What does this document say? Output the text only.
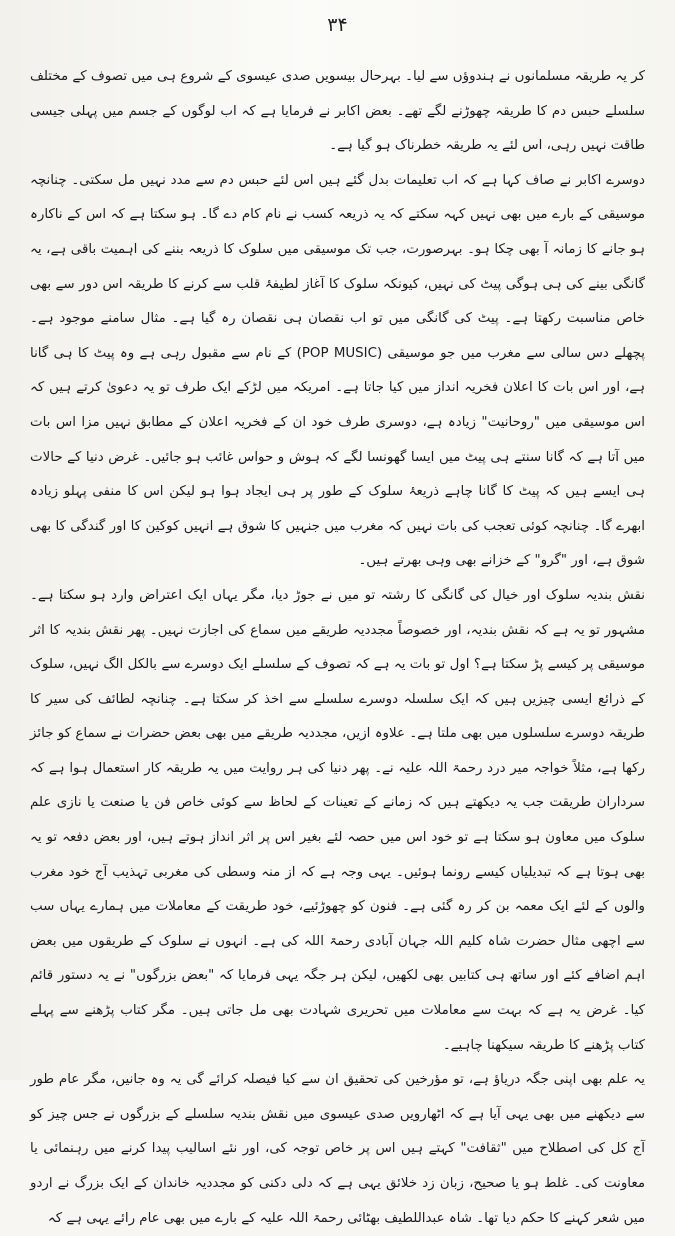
۳۴

کر یہ طریقہ مسلمانوں نے ہندوؤں سے لیا۔ بہرحال بیسویں صدی عیسوی کے شروع ہی میں تصوف کے مختلف سلسلے حبس دم کا طریقہ چھوڑنے لگے تھے۔ بعض اکابر نے فرمایا ہے کہ اب لوگوں کے جسم میں پہلی جیسی طاقت نہیں رہی، اس لئے یہ طریقہ خطرناک ہو گیا ہے۔

دوسرے اکابر نے صاف کہا ہے کہ اب تعلیمات بدل گئے ہیں اس لئے حبس دم سے مدد نہیں مل سکتی۔ چنانچہ موسیقی کے بارے میں بھی نہیں کہہ سکتے کہ یہ ذریعہ کسب نے نام کام دے گا۔ ہو سکتا ہے کہ اس کے ناکارہ ہو جانے کا زمانہ آ بھی چکا ہو۔ بہرصورت، جب تک موسیقی میں سلوک کا ذریعہ بننے کی اہمیت باقی ہے، یہ گانگی بینے کی ہی ہوگی پیٹ کی نہیں، کیونکہ سلوک کا آغاز لطیفۂ قلب سے کرنے کا طریقہ اس دور سے بھی خاص مناسبت رکھتا ہے۔ پیٹ کی گانگی میں تو اب نقصان ہی نقصان رہ گیا ہے۔ مثال سامنے موجود ہے۔ پچھلے دس سالی سے مغرب میں جو موسیقی (POP MUSIC) کے نام سے مقبول رہی ہے وہ پیٹ کا ہی گانا ہے، اور اس بات کا اعلان فخریہ انداز میں کیا جاتا ہے۔ امریکہ میں لڑکے ایک طرف تو یہ دعویٰ کرتے ہیں کہ اس موسیقی میں "روحانیت" زیادہ ہے، دوسری طرف خود ان کے فخریہ اعلان کے مطابق نہیں مزا اس بات میں آتا ہے کہ گانا سنتے ہی پیٹ میں ایسا گھونسا لگے کہ ہوش و حواس غائب ہو جائیں۔ غرض دنیا کے حالات ہی ایسے ہیں کہ پیٹ کا گانا چاہے ذریعۂ سلوک کے طور پر ہی ایجاد ہوا ہو لیکن اس کا منفی پہلو زیادہ ابھرے گا۔ چنانچہ کوئی تعجب کی بات نہیں کہ مغرب میں جنہیں کا شوق ہے انہیں کوکین کا اور گندگی کا بھی شوق ہے، اور "گرو" کے خزانے بھی وہی بھرتے ہیں۔

نقش بندیہ سلوک اور خیال کی گانگی کا رشتہ تو میں نے جوڑ دیا، مگر یہاں ایک اعتراض وارد ہو سکتا ہے۔ مشہور تو یہ ہے کہ نقش بندیہ، اور خصوصاً مجددیہ طریقے میں سماع کی اجازت نہیں۔ پھر نقش بندیہ کا اثر موسیقی پر کیسے پڑ سکتا ہے؟ اول تو بات یہ ہے کہ تصوف کے سلسلے ایک دوسرے سے بالکل الگ نہیں، سلوک کے ذرائع ایسی چیزیں ہیں کہ ایک سلسلہ دوسرے سلسلے سے اخذ کر سکتا ہے۔ چنانچہ لطائف کی سیر کا طریقہ دوسرے سلسلوں میں بھی ملتا ہے۔ علاوہ ازیں، مجددیہ طریقے میں بھی بعض حضرات نے سماع کو جائز رکھا ہے، مثلاً خواجہ میر درد رحمۃ اللہ علیہ نے۔ پھر دنیا کی ہر روایت میں یہ طریقہ کار استعمال ہوا ہے کہ سرداران طریقت جب یہ دیکھتے ہیں کہ زمانے کے تعینات کے لحاظ سے کوئی خاص فن یا صنعت یا نازی علم سلوک میں معاون ہو سکتا ہے تو خود اس میں حصہ لئے بغیر اس پر اثر انداز ہوتے ہیں، اور بعض دفعہ تو یہ بھی ہوتا ہے کہ تبدیلیاں کیسے رونما ہوئیں۔ یہی وجہ ہے کہ از منہ وسطی کی مغربی تہذیب آج خود مغرب والوں کے لئے ایک معمہ بن کر رہ گئی ہے۔ فنون کو چھوڑئیے، خود طریقت کے معاملات میں ہمارے یہاں سب سے اچھی مثال حضرت شاہ کلیم اللہ جہان آبادی رحمۃ اللہ کی ہے۔ انہوں نے سلوک کے طریقوں میں بعض اہم اضافے کئے اور ساتھ ہی کتابیں بھی لکھیں، لیکن ہر جگہ یہی فرمایا کہ "بعض بزرگوں" نے یہ دستور قائم کیا۔ غرض یہ ہے کہ بہت سے معاملات میں تحریری شہادت بھی مل جاتی ہیں۔ مگر کتاب پڑھنے سے پہلے کتاب پڑھنے کا طریقہ سیکھنا چاہیے۔

یہ علم بھی اپنی جگہ دریاؤ ہے، تو مؤرخین کی تحقیق ان سے کیا فیصلہ کرائے گی یہ وہ جانیں، مگر عام طور سے دیکھنے میں بھی یہی آیا ہے کہ اٹھارویں صدی عیسوی میں نقش بندیہ سلسلے کے بزرگوں نے جس چیز کو آج کل کی اصطلاح میں "ثقافت" کہتے ہیں اس پر خاص توجہ کی، اور نئے اسالیب پیدا کرنے میں رہنمائی یا معاونت کی۔ غلط ہو یا صحیح، زبان زد خلائق یہی ہے کہ دلی دکنی کو مجددیہ خاندان کے ایک بزرگ نے اردو میں شعر کہنے کا حکم دیا تھا۔ شاہ عبداللطیف بھٹائی رحمۃ اللہ علیہ کے بارے میں بھی عام رائے یہی ہے کہ
